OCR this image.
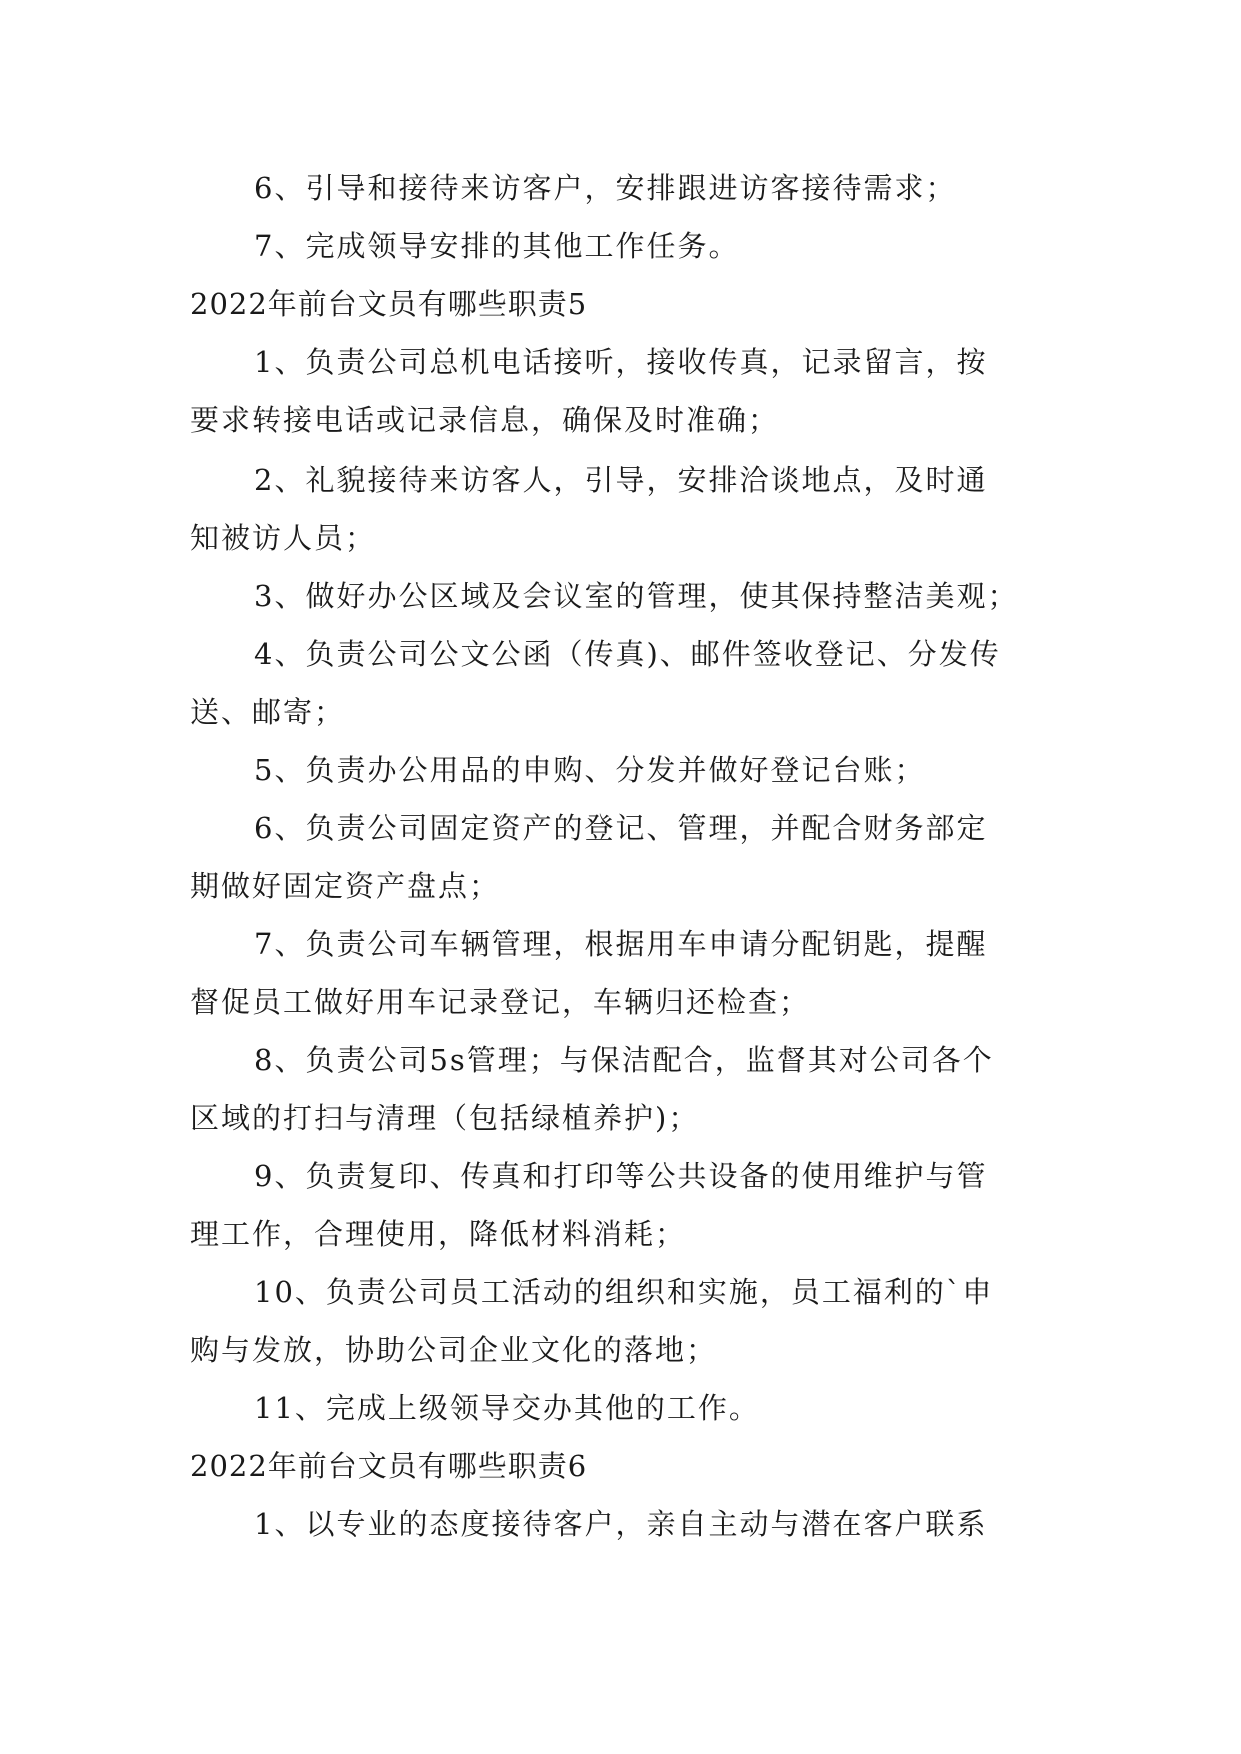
6、引导和接待来访客户，安排跟进访客接待需求；
7、完成领导安排的其他工作任务。
2022年前台文员有哪些职责5
1、负责公司总机电话接听，接收传真，记录留言，按
要求转接电话或记录信息，确保及时准确；
2、礼貌接待来访客人，引导，安排洽谈地点，及时通
知被访人员；
3、做好办公区域及会议室的管理，使其保持整洁美观；
4、负责公司公文公函（传真)、邮件签收登记、分发传
送、邮寄；
5、负责办公用品的申购、分发并做好登记台账；
6、负责公司固定资产的登记、管理，并配合财务部定
期做好固定资产盘点；
7、负责公司车辆管理，根据用车申请分配钥匙，提醒
督促员工做好用车记录登记，车辆归还检查；
8、负责公司5s管理；与保洁配合，监督其对公司各个
区域的打扫与清理（包括绿植养护)；
9、负责复印、传真和打印等公共设备的使用维护与管
理工作，合理使用，降低材料消耗；
10、负责公司员工活动的组织和实施，员工福利的`申
购与发放，协助公司企业文化的落地；
11、完成上级领导交办其他的工作。
2022年前台文员有哪些职责6
1、以专业的态度接待客户，亲自主动与潜在客户联系
